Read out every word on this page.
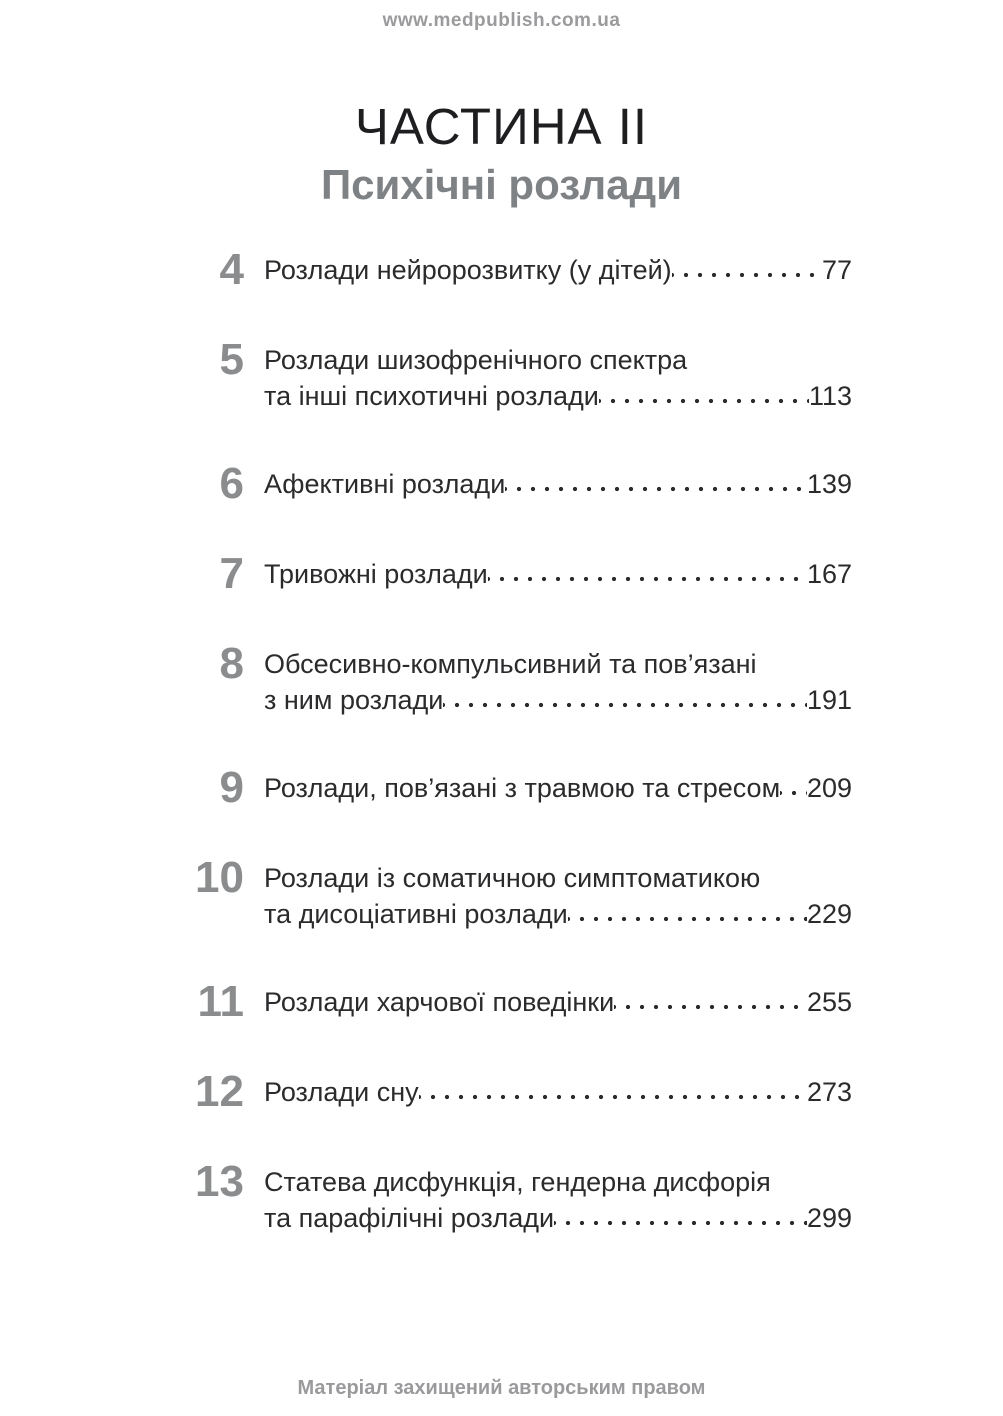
www.medpublish.com.ua
ЧАСТИНА II
Психічні розлади
4 Розлади нейророзвитку (у дітей)	77
5 Розлади шизофренічного спектра
та інші психотичні розлади	113
6 Афективні розлади	139
7 Тривожні розлади	167
8 Обсесивно-компульсивний та пов’язані
з ним розлади	191
9 Розлади, пов’язані з травмою та стресом 209
10 Розлади із соматичною симптоматикою
та дисоціативні розлади	229
11 Розлади харчової поведінки	255
12 Розлади сну	273
13 Статева дисфункція, гендерна дисфорія
та парафілічні розлади	299
Матеріал захищений авторським правом
